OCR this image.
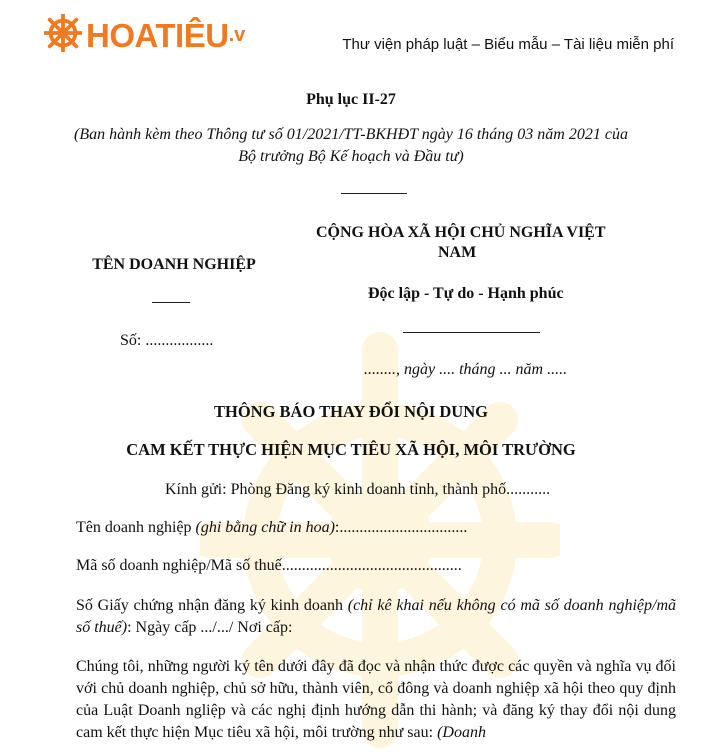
HOATIÊU .v	Thư viện pháp luật – Biểu mẫu – Tài liệu miễn phí
Phụ lục II-27
(Ban hành kèm theo Thông tư số 01/2021/TT-BKHĐT ngày 16 tháng 03 năm 2021 của
Bộ trưởng Bộ Kế hoạch và Đầu tư)
TÊN DOANH NGHIỆP
Số: .................
CỘNG HÒA XÃ HỘI CHỦ NGHĨA VIỆT
NAM
Độc lập - Tự do - Hạnh phúc
........, ngày .... tháng ... năm .....
THÔNG BÁO THAY ĐỔI NỘI DUNG
CAM KẾT THỰC HIỆN MỤC TIÊU XÃ HỘI, MÔI TRƯỜNG
Kính gửi: Phòng Đăng ký kinh doanh tỉnh, thành phố...........
Tên doanh nghiệp (ghi bằng chữ in hoa):................................
Mã số doanh nghiệp/Mã số thuế.............................................
Số Giấy chứng nhận đăng ký kinh doanh (chỉ kê khai nếu không có mã số doanh nghiệp/mã số thuế): Ngày cấp .../.../ Nơi cấp:
Chúng tôi, những người ký tên dưới đây đã đọc và nhận thức được các quyền và nghĩa vụ đối với chủ doanh nghiệp, chủ sở hữu, thành viên, cổ đông và doanh nghiệp xã hội theo quy định của Luật Doanh ngliệp và các nghị định hướng dẫn thi hành; và đăng ký thay đổi nội dung cam kết thực hiện Mục tiêu xã hội, môi trường như sau: (Doanh
